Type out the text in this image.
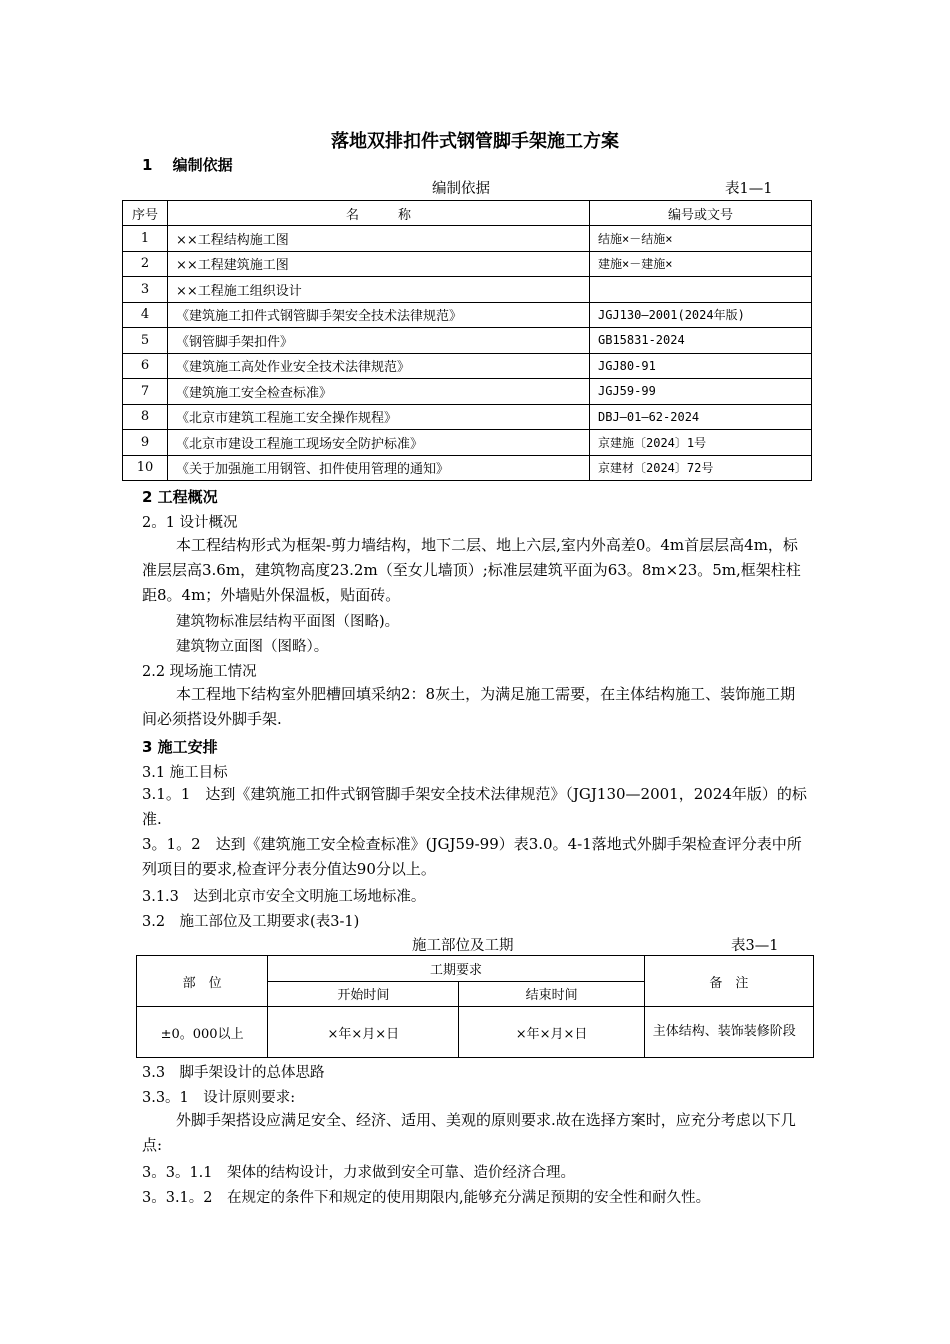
落地双排扣件式钢管脚手架施工方案
1　 编制依据
编制依据	表1—1
序号	名　　　称	编号或文号
1	××工程结构施工图	结施×－结施×
2	××工程建筑施工图	建施×－建施×
3	××工程施工组织设计	
4	《建筑施工扣件式钢管脚手架安全技术法律规范》	JGJ130—2001(2024年版)
5	《钢管脚手架扣件》	GB15831-2024
6	《建筑施工高处作业安全技术法律规范》	JGJ80-91
7	《建筑施工安全检查标准》	JGJ59-99
8	《北京市建筑工程施工安全操作规程》	DBJ—01—62-2024
9	《北京市建设工程施工现场安全防护标准》	京建施〔2024〕1号
10	《关于加强施工用钢管、扣件使用管理的通知》	京建材〔2024〕72号
2 工程概况
2。1 设计概况
本工程结构形式为框架-剪力墙结构，地下二层、地上六层,室内外高差0。4m首层层高4m，标准层层高3.6m，建筑物高度23.2m（至女儿墙顶）;标准层建筑平面为63。8m×23。5m,框架柱柱距8。4m；外墙贴外保温板，贴面砖。
建筑物标准层结构平面图（图略)。
建筑物立面图（图略）。
2.2 现场施工情况
本工程地下结构室外肥槽回填采纳2：8灰土，为满足施工需要，在主体结构施工、装饰施工期间必须搭设外脚手架.
3 施工安排
3.1 施工目标
3.1。1　达到《建筑施工扣件式钢管脚手架安全技术法律规范》（JGJ130—2001，2024年版）的标准.
3。1。2　达到《建筑施工安全检查标准》(JGJ59-99）表3.0。4-1落地式外脚手架检查评分表中所列项目的要求,检查评分表分值达90分以上。
3.1.3　达到北京市安全文明施工场地标准。
3.2　施工部位及工期要求(表3-1)
施工部位及工期	表3—1
部　位	工期要求		备　注
	开始时间	结束时间	
±0。000以上	×年×月×日	×年×月×日	主体结构、装饰装修阶段
3.3　脚手架设计的总体思路
3.3。1　设计原则要求:
外脚手架搭设应满足安全、经济、适用、美观的原则要求.故在选择方案时，应充分考虑以下几点:
3。3。1.1　架体的结构设计，力求做到安全可靠、造价经济合理。
3。3.1。2　在规定的条件下和规定的使用期限内,能够充分满足预期的安全性和耐久性。
